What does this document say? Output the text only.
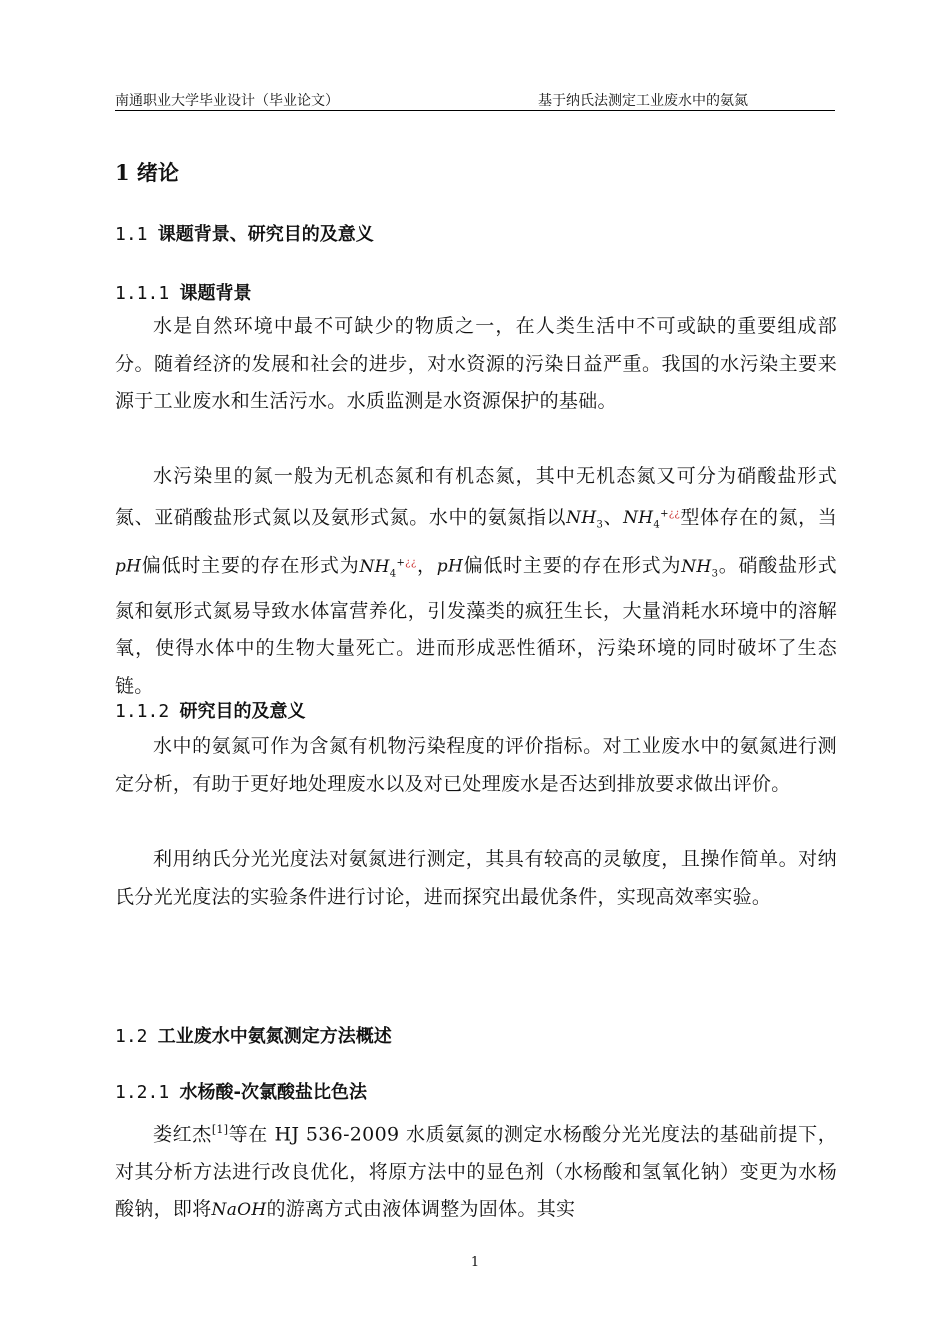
南通职业大学毕业设计（毕业论文）	基于纳氏法测定工业废水中的氨氮
1 绪论
1.1 课题背景、研究目的及意义
1.1.1 课题背景
水是自然环境中最不可缺少的物质之一，在人类生活中不可或缺的重要组成部分。随着经济的发展和社会的进步，对水资源的污染日益严重。我国的水污染主要来源于工业废水和生活污水。水质监测是水资源保护的基础。
水污染里的氮一般为无机态氮和有机态氮，其中无机态氮又可分为硝酸盐形式氮、亚硝酸盐形式氮以及氨形式氮。水中的氨氮指以$NH_3$、$NH_4^{+¿¿}$型体存在的氮，当pH偏低时主要的存在形式为$NH_4^{+¿¿}$，pH偏低时主要的存在形式为$NH_3$。硝酸盐形式氮和氨形式氮易导致水体富营养化，引发藻类的疯狂生长，大量消耗水环境中的溶解氧，使得水体中的生物大量死亡。进而形成恶性循环，污染环境的同时破坏了生态链。
1.1.2 研究目的及意义
水中的氨氮可作为含氮有机物污染程度的评价指标。对工业废水中的氨氮进行测定分析，有助于更好地处理废水以及对已处理废水是否达到排放要求做出评价。
利用纳氏分光光度法对氨氮进行测定，其具有较高的灵敏度，且操作简单。对纳氏分光光度法的实验条件进行讨论，进而探究出最优条件，实现高效率实验。
1.2 工业废水中氨氮测定方法概述
1.2.1 水杨酸-次氯酸盐比色法
娄红杰[1]等在 HJ 536-2009 水质氨氮的测定水杨酸分光光度法的基础前提下，对其分析方法进行改良优化，将原方法中的显色剂（水杨酸和氢氧化钠）变更为水杨酸钠，即将NaOH的游离方式由液体调整为固体。其实
1
